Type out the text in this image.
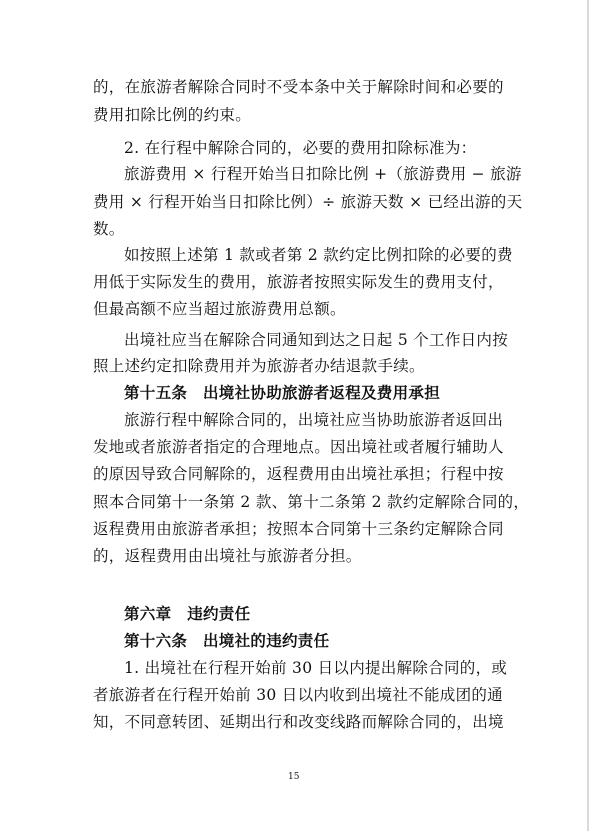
的，在旅游者解除合同时不受本条中关于解除时间和必要的
费用扣除比例的约束。
2. 在行程中解除合同的，必要的费用扣除标准为：
旅游费用 × 行程开始当日扣除比例 +（旅游费用 − 旅游
费用 × 行程开始当日扣除比例）÷ 旅游天数 × 已经出游的天
数。
如按照上述第 1 款或者第 2 款约定比例扣除的必要的费
用低于实际发生的费用，旅游者按照实际发生的费用支付，
但最高额不应当超过旅游费用总额。
出境社应当在解除合同通知到达之日起 5 个工作日内按
照上述约定扣除费用并为旅游者办结退款手续。
第十五条　出境社协助旅游者返程及费用承担
旅游行程中解除合同的，出境社应当协助旅游者返回出
发地或者旅游者指定的合理地点。因出境社或者履行辅助人
的原因导致合同解除的，返程费用由出境社承担；行程中按
照本合同第十一条第 2 款、第十二条第 2 款约定解除合同的，
返程费用由旅游者承担；按照本合同第十三条约定解除合同
的，返程费用由出境社与旅游者分担。
第六章　违约责任
第十六条　出境社的违约责任
1. 出境社在行程开始前 30 日以内提出解除合同的，或
者旅游者在行程开始前 30 日以内收到出境社不能成团的通
知，不同意转团、延期出行和改变线路而解除合同的，出境
15
